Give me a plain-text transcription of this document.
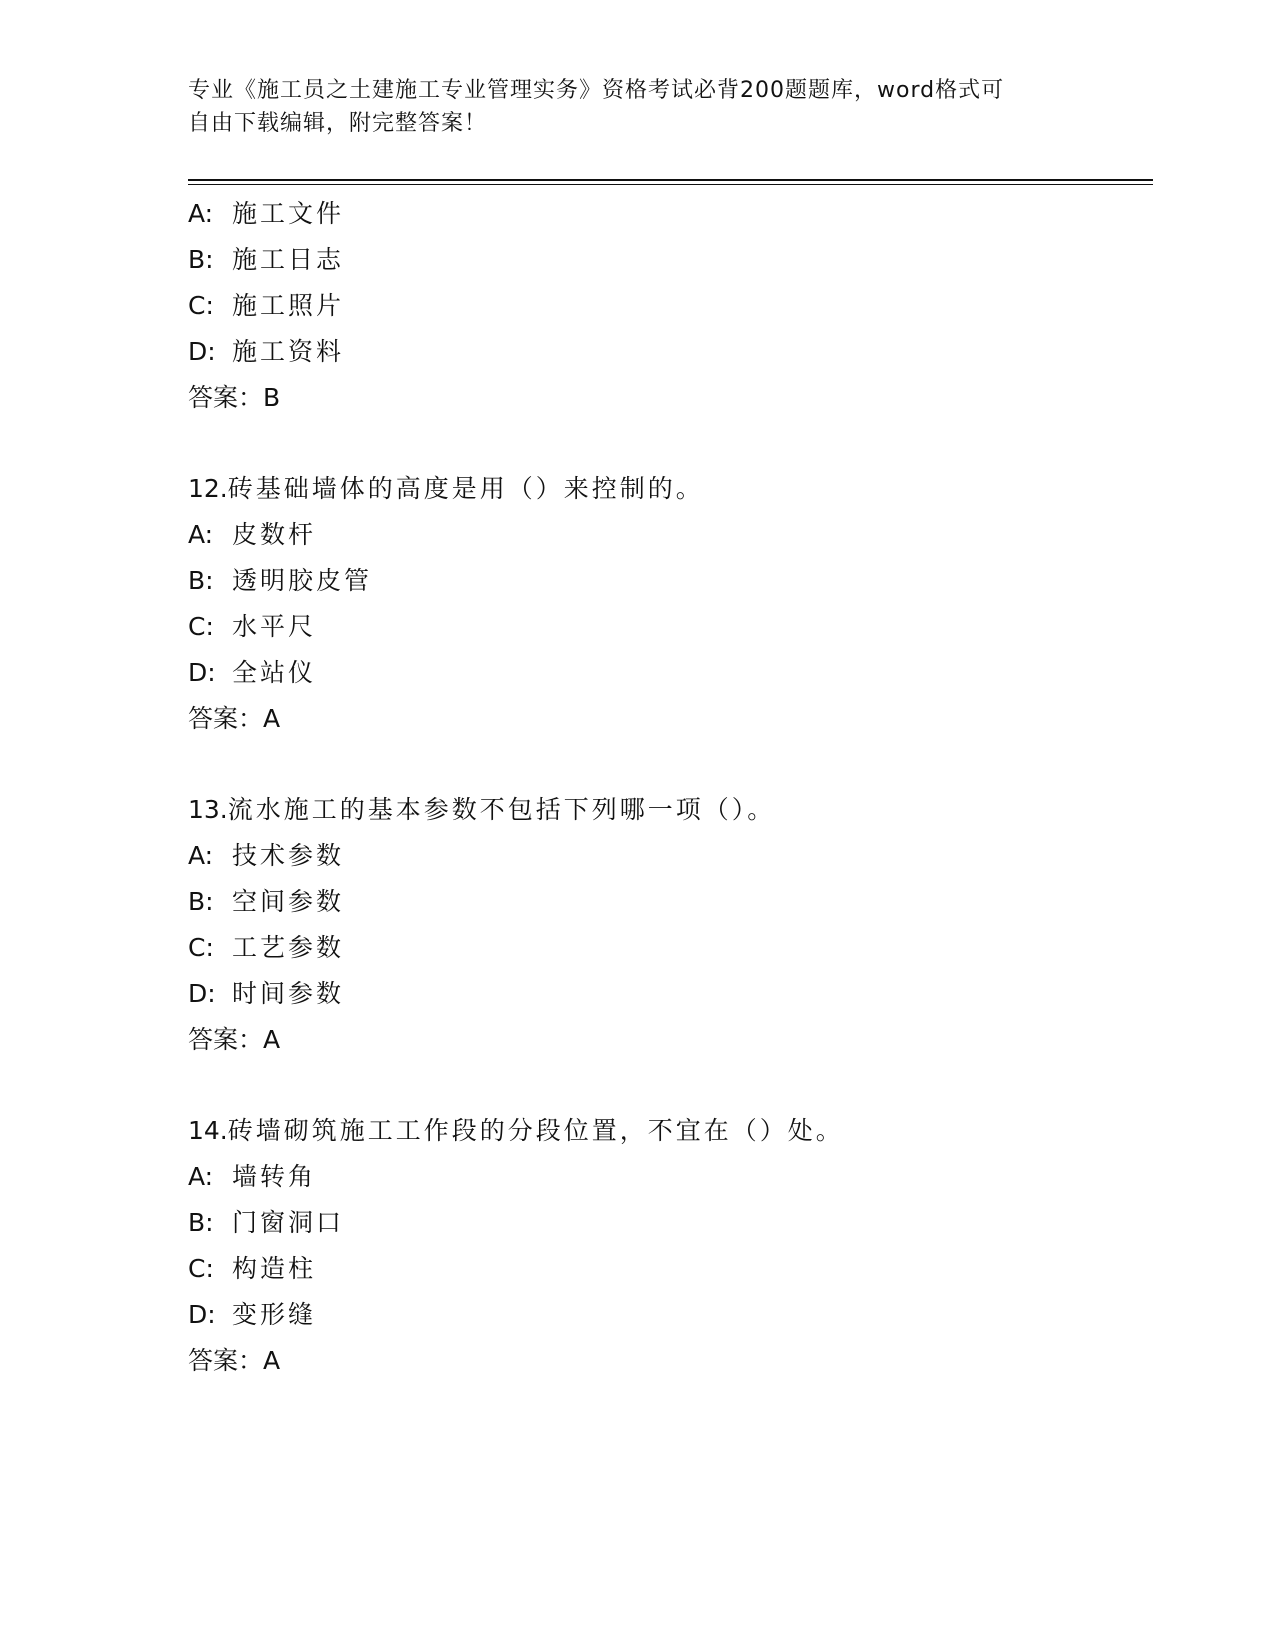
专业《施工员之土建施工专业管理实务》资格考试必背200题题库，word格式可
自由下载编辑，附完整答案！
A: 施工文件
B: 施工日志
C: 施工照片
D: 施工资料
答案：B
12.砖基础墙体的高度是用（）来控制的。
A: 皮数杆
B: 透明胶皮管
C: 水平尺
D: 全站仪
答案：A
13.流水施工的基本参数不包括下列哪一项（）。
A: 技术参数
B: 空间参数
C: 工艺参数
D: 时间参数
答案：A
14.砖墙砌筑施工工作段的分段位置，不宜在（）处。
A: 墙转角
B: 门窗洞口
C: 构造柱
D: 变形缝
答案：A
